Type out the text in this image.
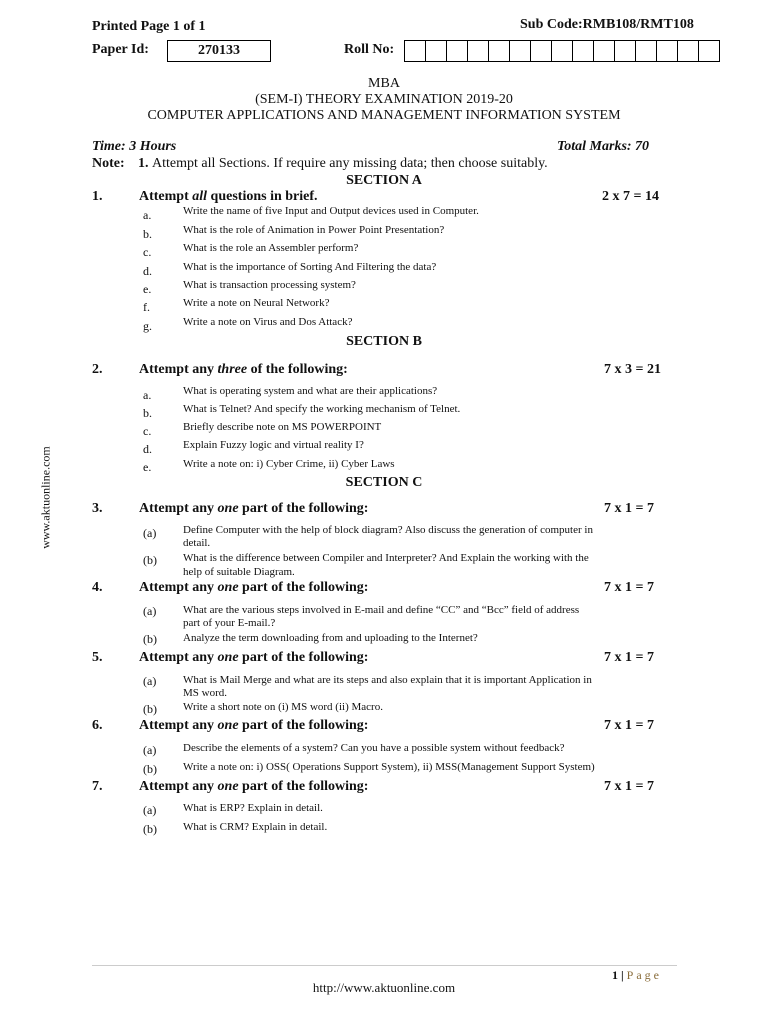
Printed Page 1 of 1	Sub Code:RMB108/RMT108
Paper Id:	270133	Roll No:
MBA
(SEM-I) THEORY EXAMINATION 2019-20
COMPUTER APPLICATIONS AND MANAGEMENT INFORMATION SYSTEM
Time: 3 Hours	Total Marks: 70
Note: 1. Attempt all Sections. If require any missing data; then choose suitably.
SECTION A
1.	Attempt all questions in brief.	2 x 7 = 14
a.	Write the name of five Input and Output devices used in Computer.
b.	What is the role of Animation in Power Point Presentation?
c.	What is the role an Assembler perform?
d.	What is the importance of Sorting And Filtering the data?
e.	What is transaction processing system?
f.	Write a note on Neural Network?
g.	Write a note on Virus and Dos Attack?
SECTION B
2.	Attempt any three of the following:	7 x 3 = 21
a.	What is operating system and what are their applications?
b.	What is Telnet? And specify the working mechanism of Telnet.
c.	Briefly describe note on MS POWERPOINT
d.	Explain Fuzzy logic and virtual reality I?
e.	Write a note on: i) Cyber Crime, ii) Cyber Laws
SECTION C
3.	Attempt any one part of the following:	7 x 1 = 7
(a) Define Computer with the help of block diagram? Also discuss the generation of computer in
detail.
(b) What is the difference between Compiler and Interpreter? And Explain the working with the
help of suitable Diagram.
4.	Attempt any one part of the following:	7 x 1 = 7
(a) What are the various steps involved in E-mail and define “CC” and “Bcc” field of address
part of your E-mail.?
(b) Analyze the term downloading from and uploading to the Internet?
5.	Attempt any one part of the following:	7 x 1 = 7
(a) What is Mail Merge and what are its steps and also explain that it is important Application in
MS word.
(b) Write a short note on (i) MS word (ii) Macro.
6.	Attempt any one part of the following:	7 x 1 = 7
(a) Describe the elements of a system? Can you have a possible system without feedback?
(b) Write a note on: i) OSS( Operations Support System), ii) MSS(Management Support System)
7.	Attempt any one part of the following:	7 x 1 = 7
(a) What is ERP? Explain in detail.
(b) What is CRM? Explain in detail.
www.aktuonline.com
1 | Page
http://www.aktuonline.com
